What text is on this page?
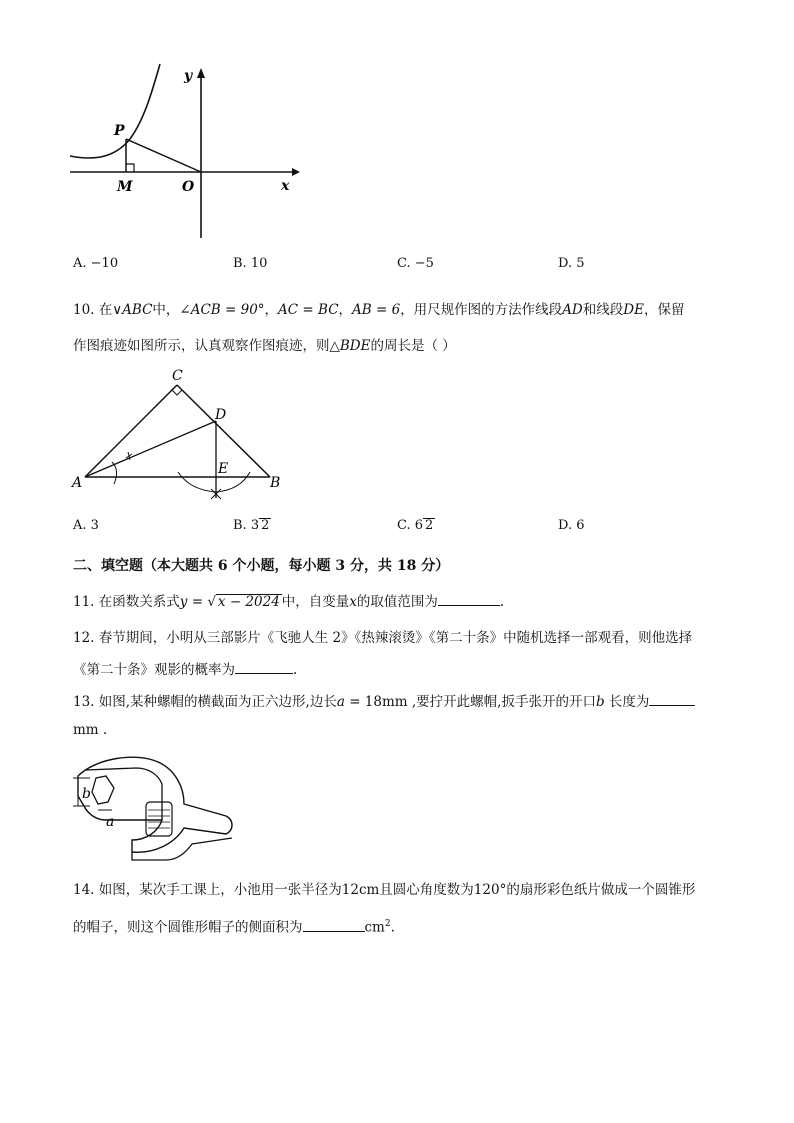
y
x
P
M	O
A. −10	B. 10	C. −5	D. 5
10. 在∨ABC中，∠ACB = 90°，AC = BC，AB = 6，用尺规作图的方法作线段AD和线段DE，保留
作图痕迹如图所示，认真观察作图痕迹，则△BDE的周长是（ ）
C
D
A	B
E
A. 3	B. 3 2	C. 6 2	D. 6
二、填空题（本大题共 6 个小题，每小题 3 分，共 18 分）
11. 在函数关系式y = √ x − 2024 中，自变量x的取值范围为	.
12. 春节期间，小明从三部影片《飞驰人生 2》《热辣滚烫》《第二十条》中随机选择一部观看，则他选择
《第二十条》观影的概率为	.
13. 如图,某种螺帽的横截面为正六边形,边长a = 18mm ,要拧开此螺帽,扳手张开的开口b 长度为
mm .
b
a
14. 如图，某次手工课上，小池用一张半径为12cm且圆心角度数为120°的扇形彩色纸片做成一个圆锥形
的帽子，则这个圆锥形帽子的侧面积为	$cm^2$.
